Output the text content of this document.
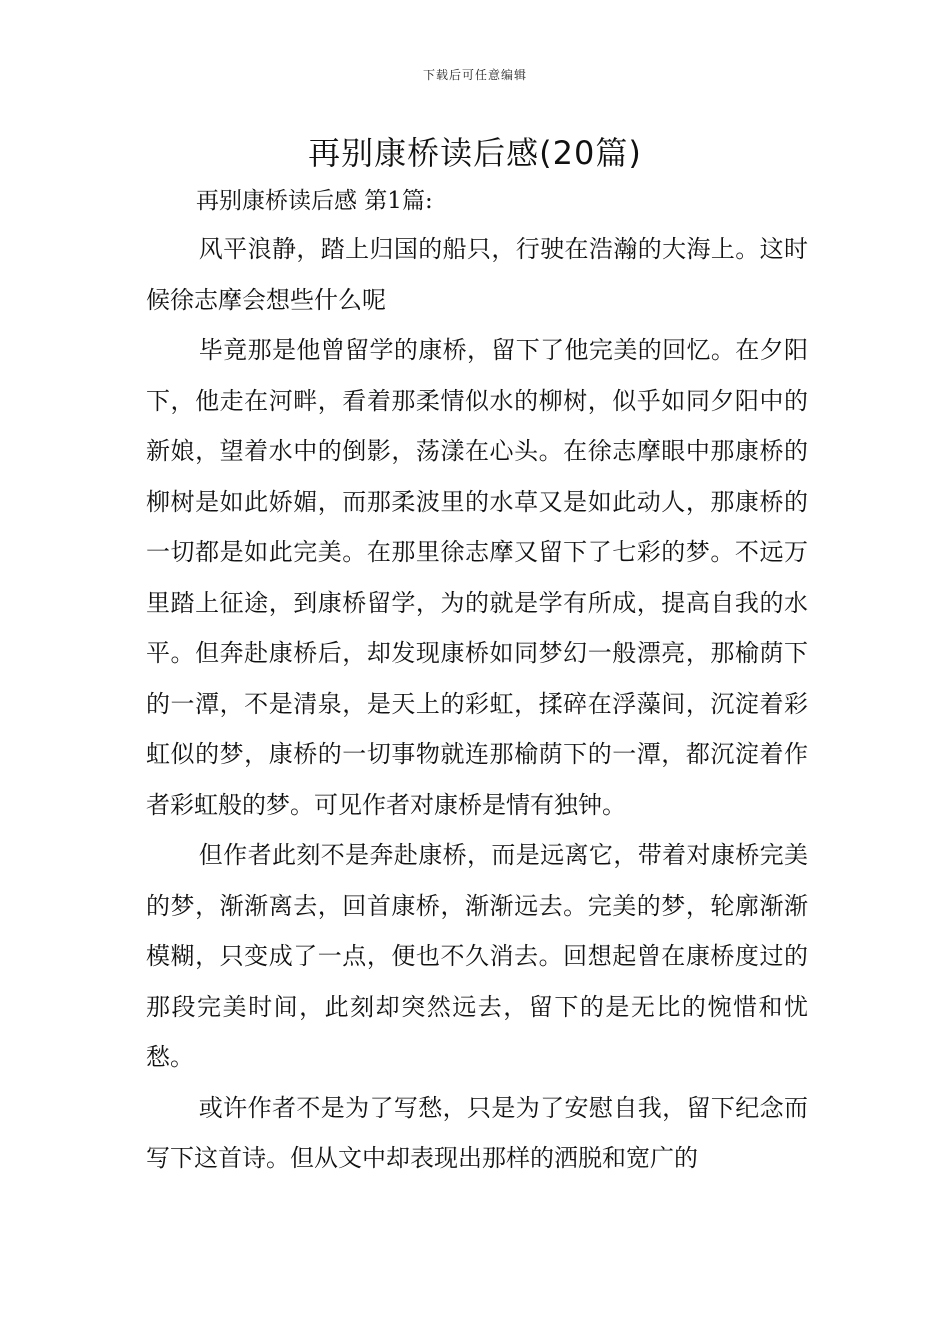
下载后可任意编辑
再别康桥读后感(20篇)
再别康桥读后感 第1篇:

风平浪静，踏上归国的船只，行驶在浩瀚的大海上。这时候徐志摩会想些什么呢

毕竟那是他曾留学的康桥，留下了他完美的回忆。在夕阳下，他走在河畔，看着那柔情似水的柳树，似乎如同夕阳中的新娘，望着水中的倒影，荡漾在心头。在徐志摩眼中那康桥的柳树是如此娇媚，而那柔波里的水草又是如此动人，那康桥的一切都是如此完美。在那里徐志摩又留下了七彩的梦。不远万里踏上征途，到康桥留学，为的就是学有所成，提高自我的水平。但奔赴康桥后，却发现康桥如同梦幻一般漂亮，那榆荫下的一潭，不是清泉，是天上的彩虹，揉碎在浮藻间，沉淀着彩虹似的梦，康桥的一切事物就连那榆荫下的一潭，都沉淀着作者彩虹般的梦。可见作者对康桥是情有独钟。

但作者此刻不是奔赴康桥，而是远离它，带着对康桥完美的梦，渐渐离去，回首康桥，渐渐远去。完美的梦，轮廓渐渐模糊，只变成了一点，便也不久消去。回想起曾在康桥度过的那段完美时间，此刻却突然远去，留下的是无比的惋惜和忧愁。

或许作者不是为了写愁，只是为了安慰自我，留下纪念而写下这首诗。但从文中却表现出那样的洒脱和宽广的
